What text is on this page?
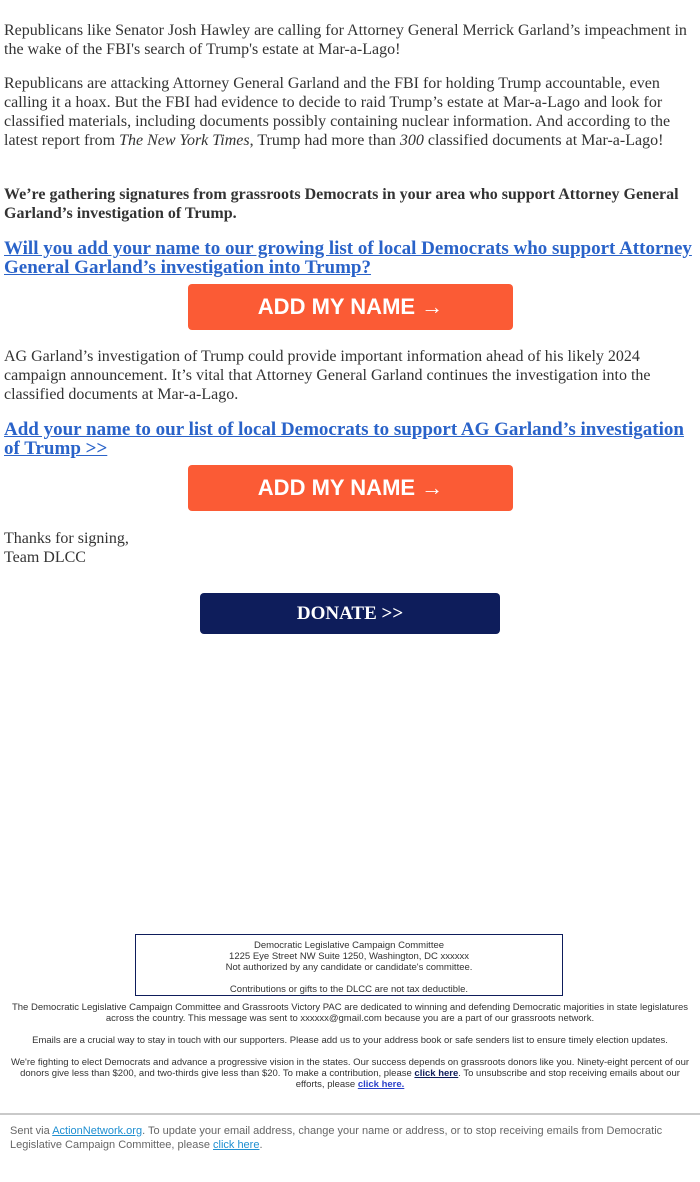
Republicans like Senator Josh Hawley are calling for Attorney General Merrick Garland’s impeachment in the wake of the FBI's search of Trump's estate at Mar-a-Lago!

Republicans are attacking Attorney General Garland and the FBI for holding Trump accountable, even calling it a hoax. But the FBI had evidence to decide to raid Trump’s estate at Mar-a-Lago and look for classified materials, including documents possibly containing nuclear information. And according to the latest report from The New York Times, Trump had more than 300 classified documents at Mar-a-Lago!

We’re gathering signatures from grassroots Democrats in your area who support Attorney General Garland’s investigation of Trump.

Will you add your name to our growing list of local Democrats who support Attorney General Garland’s investigation into Trump?
ADD MY NAME →

AG Garland’s investigation of Trump could provide important information ahead of his likely 2024 campaign announcement. It’s vital that Attorney General Garland continues the investigation into the classified documents at Mar-a-Lago.

Add your name to our list of local Democrats to support AG Garland’s investigation of Trump >>
ADD MY NAME →

Thanks for signing,
Team DLCC

DONATE >>
Democratic Legislative Campaign Committee
1225 Eye Street NW Suite 1250, Washington, DC xxxxxx
Not authorized by any candidate or candidate's committee.
Contributions or gifts to the DLCC are not tax deductible.

The Democratic Legislative Campaign Committee and Grassroots Victory PAC are dedicated to winning and defending Democratic majorities in state legislatures across the country. This message was sent to xxxxxx@gmail.com because you are a part of our grassroots network.

Emails are a crucial way to stay in touch with our supporters. Please add us to your address book or safe senders list to ensure timely election updates.

We're fighting to elect Democrats and advance a progressive vision in the states. Our success depends on grassroots donors like you. Ninety-eight percent of our donors give less than $200, and two-thirds give less than $20. To make a contribution, please click here. To unsubscribe and stop receiving emails about our efforts, please click here.

Sent via ActionNetwork.org. To update your email address, change your name or address, or to stop receiving emails from Democratic Legislative Campaign Committee, please click here.
